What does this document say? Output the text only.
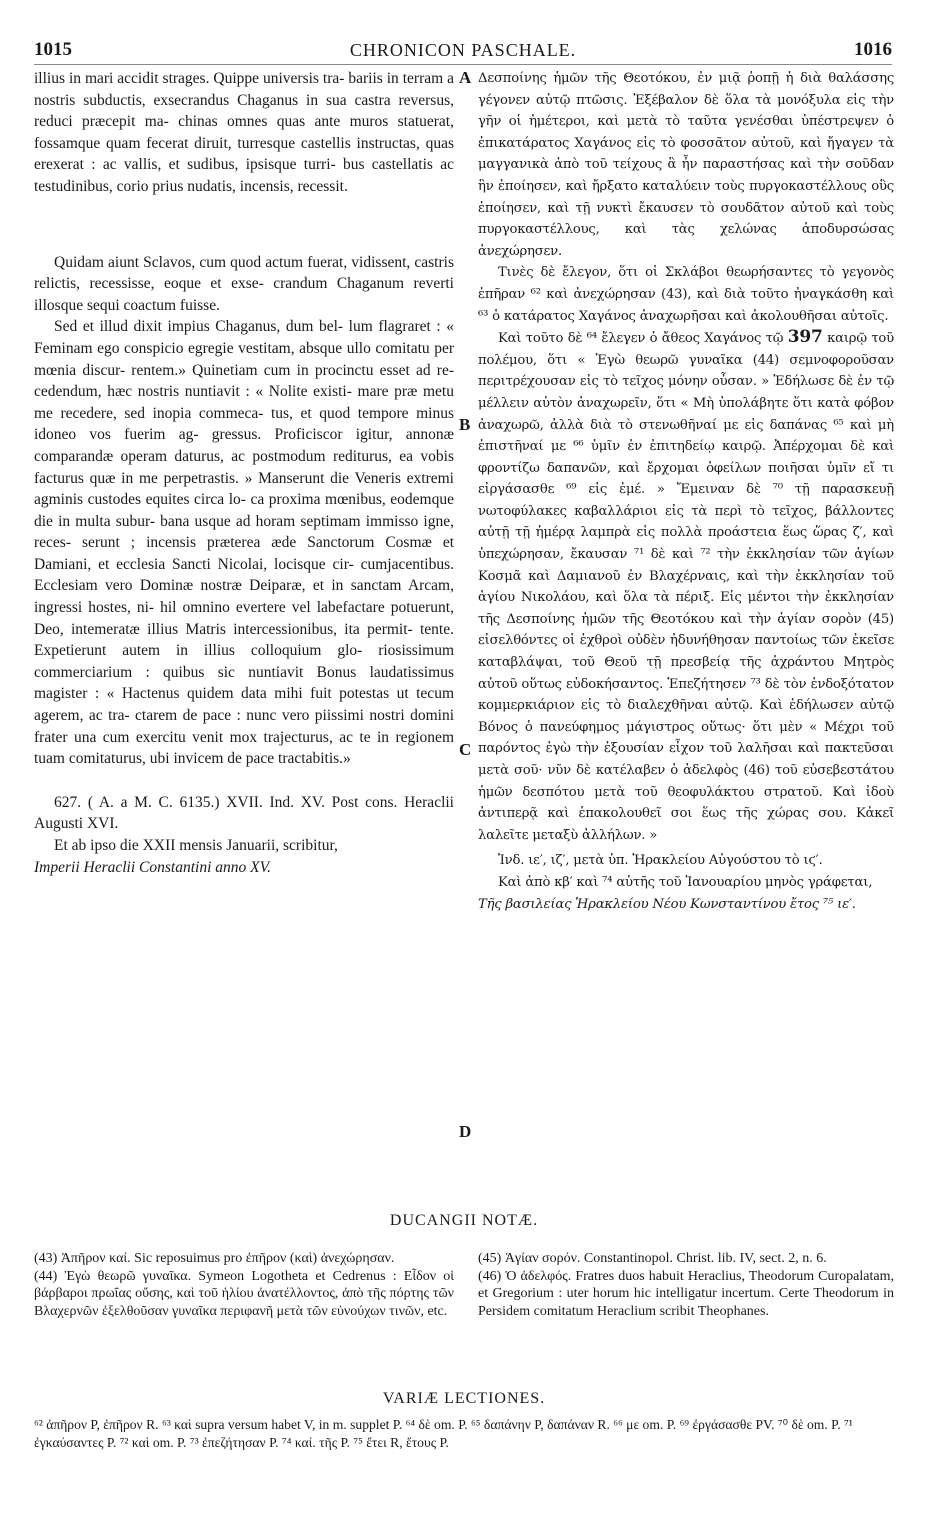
1015	CHRONICON PASCHALE.	1016
A
B
C
D

illius in mari accidit strages. Quippe universis tra- bariis in terram a nostris subductis, exsecrandus Chaganus in sua castra reversus, reduci præcepit ma- chinas omnes quas ante muros statuerat, fossamque quam fecerat diruit, turresque castellis instructas, quas erexerat : ac vallis, et sudibus, ipsisque turri- bus castellatis ac testudinibus, corio prius nudatis, incensis, recessit.

Quidam aiunt Sclavos, cum quod actum fuerat, vidissent, castris relictis, recessisse, eoque et exse- crandum Chaganum reverti illosque sequi coactum fuisse.

Sed et illud dixit impius Chaganus, dum bel- lum flagraret : « Feminam ego conspicio egregie vestitam, absque ullo comitatu per mœnia discur- rentem.» Quinetiam cum in procinctu esset ad re- cedendum, hæc nostris nuntiavit : « Nolite existi- mare præ metu me recedere, sed inopia commeca- tus, et quod tempore minus idoneo vos fuerim ag- gressus. Proficiscor igitur, annonæ comparandæ operam daturus, ac postmodum rediturus, ea vobis facturus quæ in me perpetrastis. » Manserunt die Veneris extremi agminis custodes equites circa lo- ca proxima mœnibus, eodemque die in multa subur- bana usque ad horam septimam immisso igne, reces- serunt ; incensis præterea æde Sanctorum Cosmæ et Damiani, et ecclesia Sancti Nicolai, locisque cir- cumjacentibus. Ecclesiam vero Dominæ nostræ Deiparæ, et in sanctam Arcam, ingressi hostes, ni- hil omnino evertere vel labefactare potuerunt, Deo, intemeratæ illius Matris intercessionibus, ita permit- tente. Expetierunt autem in illius colloquium glo- riosissimum commerciarium : quibus sic nuntiavit Bonus laudatissimus magister : « Hactenus quidem data mihi fuit potestas ut tecum agerem, ac tra- ctarem de pace : nunc vero piissimi nostri domini frater una cum exercitu venit mox trajecturus, ac te in regionem tuam comitaturus, ubi invicem de pace tractabitis.»

627. ( A. a M. C. 6135.) XVII. Ind. XV. Post cons. Heraclii Augusti XVI.

Et ab ipso die XXII mensis Januarii, scribitur,

Imperii Heraclii Constantini anno XV.

Δεσποίνης ἡμῶν τῆς Θεοτόκου, ἐν μιᾷ ῥοπῇ ἡ διὰ θαλάσσης γέγονεν αὐτῷ πτῶσις. Ἐξέβαλον δὲ ὅλα τὰ μονόξυλα εἰς τὴν γῆν οἱ ἡμέτεροι, καὶ μετὰ τὸ ταῦτα γενέσθαι ὑπέστρεψεν ὁ ἐπικατάρατος Χαγάνος εἰς τὸ φοσσᾶτον αὐτοῦ, καὶ ἤγαγεν τὰ μαγγανικὰ ἀπὸ τοῦ τείχους ἃ ἦν παραστήσας καὶ τὴν σοῦδαν ἣν ἐποίησεν, καὶ ἤρξατο καταλύειν τοὺς πυργοκαστέλλους οὓς ἐποίησεν, καὶ τῇ νυκτὶ ἔκαυσεν τὸ σουδᾶτον αὐτοῦ καὶ τοὺς πυργοκαστέλλους, καὶ τὰς χελώνας ἀποδυρσώσας ἀνεχώρησεν.

Τινὲς δὲ ἔλεγον, ὅτι οἱ Σκλάβοι θεωρήσαντες τὸ γεγονὸς ἐπῆραν ⁶² καὶ ἀνεχώρησαν (43), καὶ διὰ τοῦτο ἠναγκάσθη καὶ ⁶³ ὁ κατάρατος Χαγάνος ἀναχωρῆσαι καὶ ἀκολουθῆσαι αὐτοῖς.

Καὶ τοῦτο δὲ ⁶⁴ ἔλεγεν ὁ ἄθεος Χαγάνος τῷ 397 καιρῷ τοῦ πολέμου, ὅτι « Ἐγὼ θεωρῶ γυναῖκα (44) σεμνοφοροῦσαν περιτρέχουσαν εἰς τὸ τεῖχος μόνην οὖσαν. » Ἐδήλωσε δὲ ἐν τῷ μέλλειν αὐτὸν ἀναχωρεῖν, ὅτι « Μὴ ὑπολάβητε ὅτι κατὰ φόβον ἀναχωρῶ, ἀλλὰ διὰ τὸ στενωθῆναί με εἰς δαπάνας ⁶⁵ καὶ μὴ ἐπιστῆναί με ⁶⁶ ὑμῖν ἐν ἐπιτηδείῳ καιρῷ. Ἀπέρχομαι δὲ καὶ φροντίζω δαπανῶν, καὶ ἔρχομαι ὀφείλων ποιῆσαι ὑμῖν εἴ τι εἰργάσασθε ⁶⁹ εἰς ἐμέ. » Ἔμειναν δὲ ⁷⁰ τῇ παρασκευῇ νωτοφύλακες καβαλλάριοι εἰς τὰ περὶ τὸ τεῖχος, βάλλοντες αὐτῇ τῇ ἡμέρᾳ λαμπρὰ εἰς πολλὰ προάστεια ἕως ὥρας ζ′, καὶ ὑπεχώρησαν, ἔκαυσαν ⁷¹ δὲ καὶ ⁷² τὴν ἐκκλησίαν τῶν ἁγίων Κοσμᾶ καὶ Δαμιανοῦ ἐν Βλαχέρναις, καὶ τὴν ἐκκλησίαν τοῦ ἁγίου Νικολάου, καὶ ὅλα τὰ πέριξ. Εἰς μέντοι τὴν ἐκκλησίαν τῆς Δεσποίνης ἡμῶν τῆς Θεοτόκου καὶ τὴν ἁγίαν σορὸν (45) εἰσελθόντες οἱ ἐχθροὶ οὐδὲν ἠδυνήθησαν παντοίως τῶν ἐκεῖσε καταβλάψαι, τοῦ Θεοῦ τῇ πρεσβείᾳ τῆς ἀχράντου Μητρὸς αὐτοῦ οὕτως εὐδοκήσαντος. Ἐπεζήτησεν ⁷³ δὲ τὸν ἐνδοξότατον κομμερκιάριον εἰς τὸ διαλεχθῆναι αὐτῷ. Καὶ ἐδήλωσεν αὐτῷ Βόνος ὁ πανεύφημος μάγιστρος οὕτως· ὅτι μὲν « Μέχρι τοῦ παρόντος ἐγὼ τὴν ἐξουσίαν εἶχον τοῦ λαλῆσαι καὶ πακτεῦσαι μετὰ σοῦ· νῦν δὲ κατέλαβεν ὁ ἀδελφὸς (46) τοῦ εὐσεβεστάτου ἡμῶν δεσπότου μετὰ τοῦ θεοφυλάκτου στρατοῦ. Καὶ ἰδοὺ ἀντιπερᾷ καὶ ἐπακολουθεῖ σοι ἕως τῆς χώρας σου. Κἀκεῖ λαλεῖτε μεταξὺ ἀλλήλων. »

Ἰνδ. ιε′, ιζ′, μετὰ ὑπ. Ἡρακλείου Αὐγούστου τὸ ιϛ′.

Καὶ ἀπὸ κβ′ καὶ ⁷⁴ αὐτῆς τοῦ Ἰανουαρίου μηνὸς γράφεται,

Τῆς βασιλείας Ἡρακλείου Νέου Κωνσταντίνου ἔτος ⁷⁵ ιε′.

DUCANGII NOTÆ.

(43) Ἀπῆρον καί. Sic reposuimus pro ἐπῆρον (καὶ) ἀνεχώρησαν.

(44) Ἐγὼ θεωρῶ γυναῖκα. Symeon Logotheta et Cedrenus : Εἶδον οἱ βάρβαροι πρωΐας οὔσης, καὶ τοῦ ἡλίου ἀνατέλλοντος, ἀπὸ τῆς πόρτης τῶν Βλαχερνῶν ἐξελθοῦσαν γυναῖκα περιφανῆ μετὰ τῶν εὐνούχων τινῶν, etc.

(45) Ἁγίαν σορόν. Constantinopol. Christ. lib. IV, sect. 2, n. 6.

(46) Ὁ ἀδελφός. Fratres duos habuit Heraclius, Theodorum Curopalatam, et Gregorium : uter horum hic intelligatur incertum. Certe Theodorum in Persidem comitatum Heraclium scribit Theophanes.

VARIÆ LECTIONES.

⁶² ἀπῆρον P, ἐπῆρον R. ⁶³ καὶ supra versum habet V, in m. supplet P. ⁶⁴ δὲ om. P. ⁶⁵ δαπάνην P, δαπάναν R. ⁶⁶ με om. P. ⁶⁹ ἐργάσασθε PV. ⁷⁰ δὲ om. P. ⁷¹ ἐγκαύσαντες P. ⁷² καὶ om. P. ⁷³ ἐπεζήτησαν P. ⁷⁴ καί. τῆς P. ⁷⁵ ἔτει R, ἔτους P.
